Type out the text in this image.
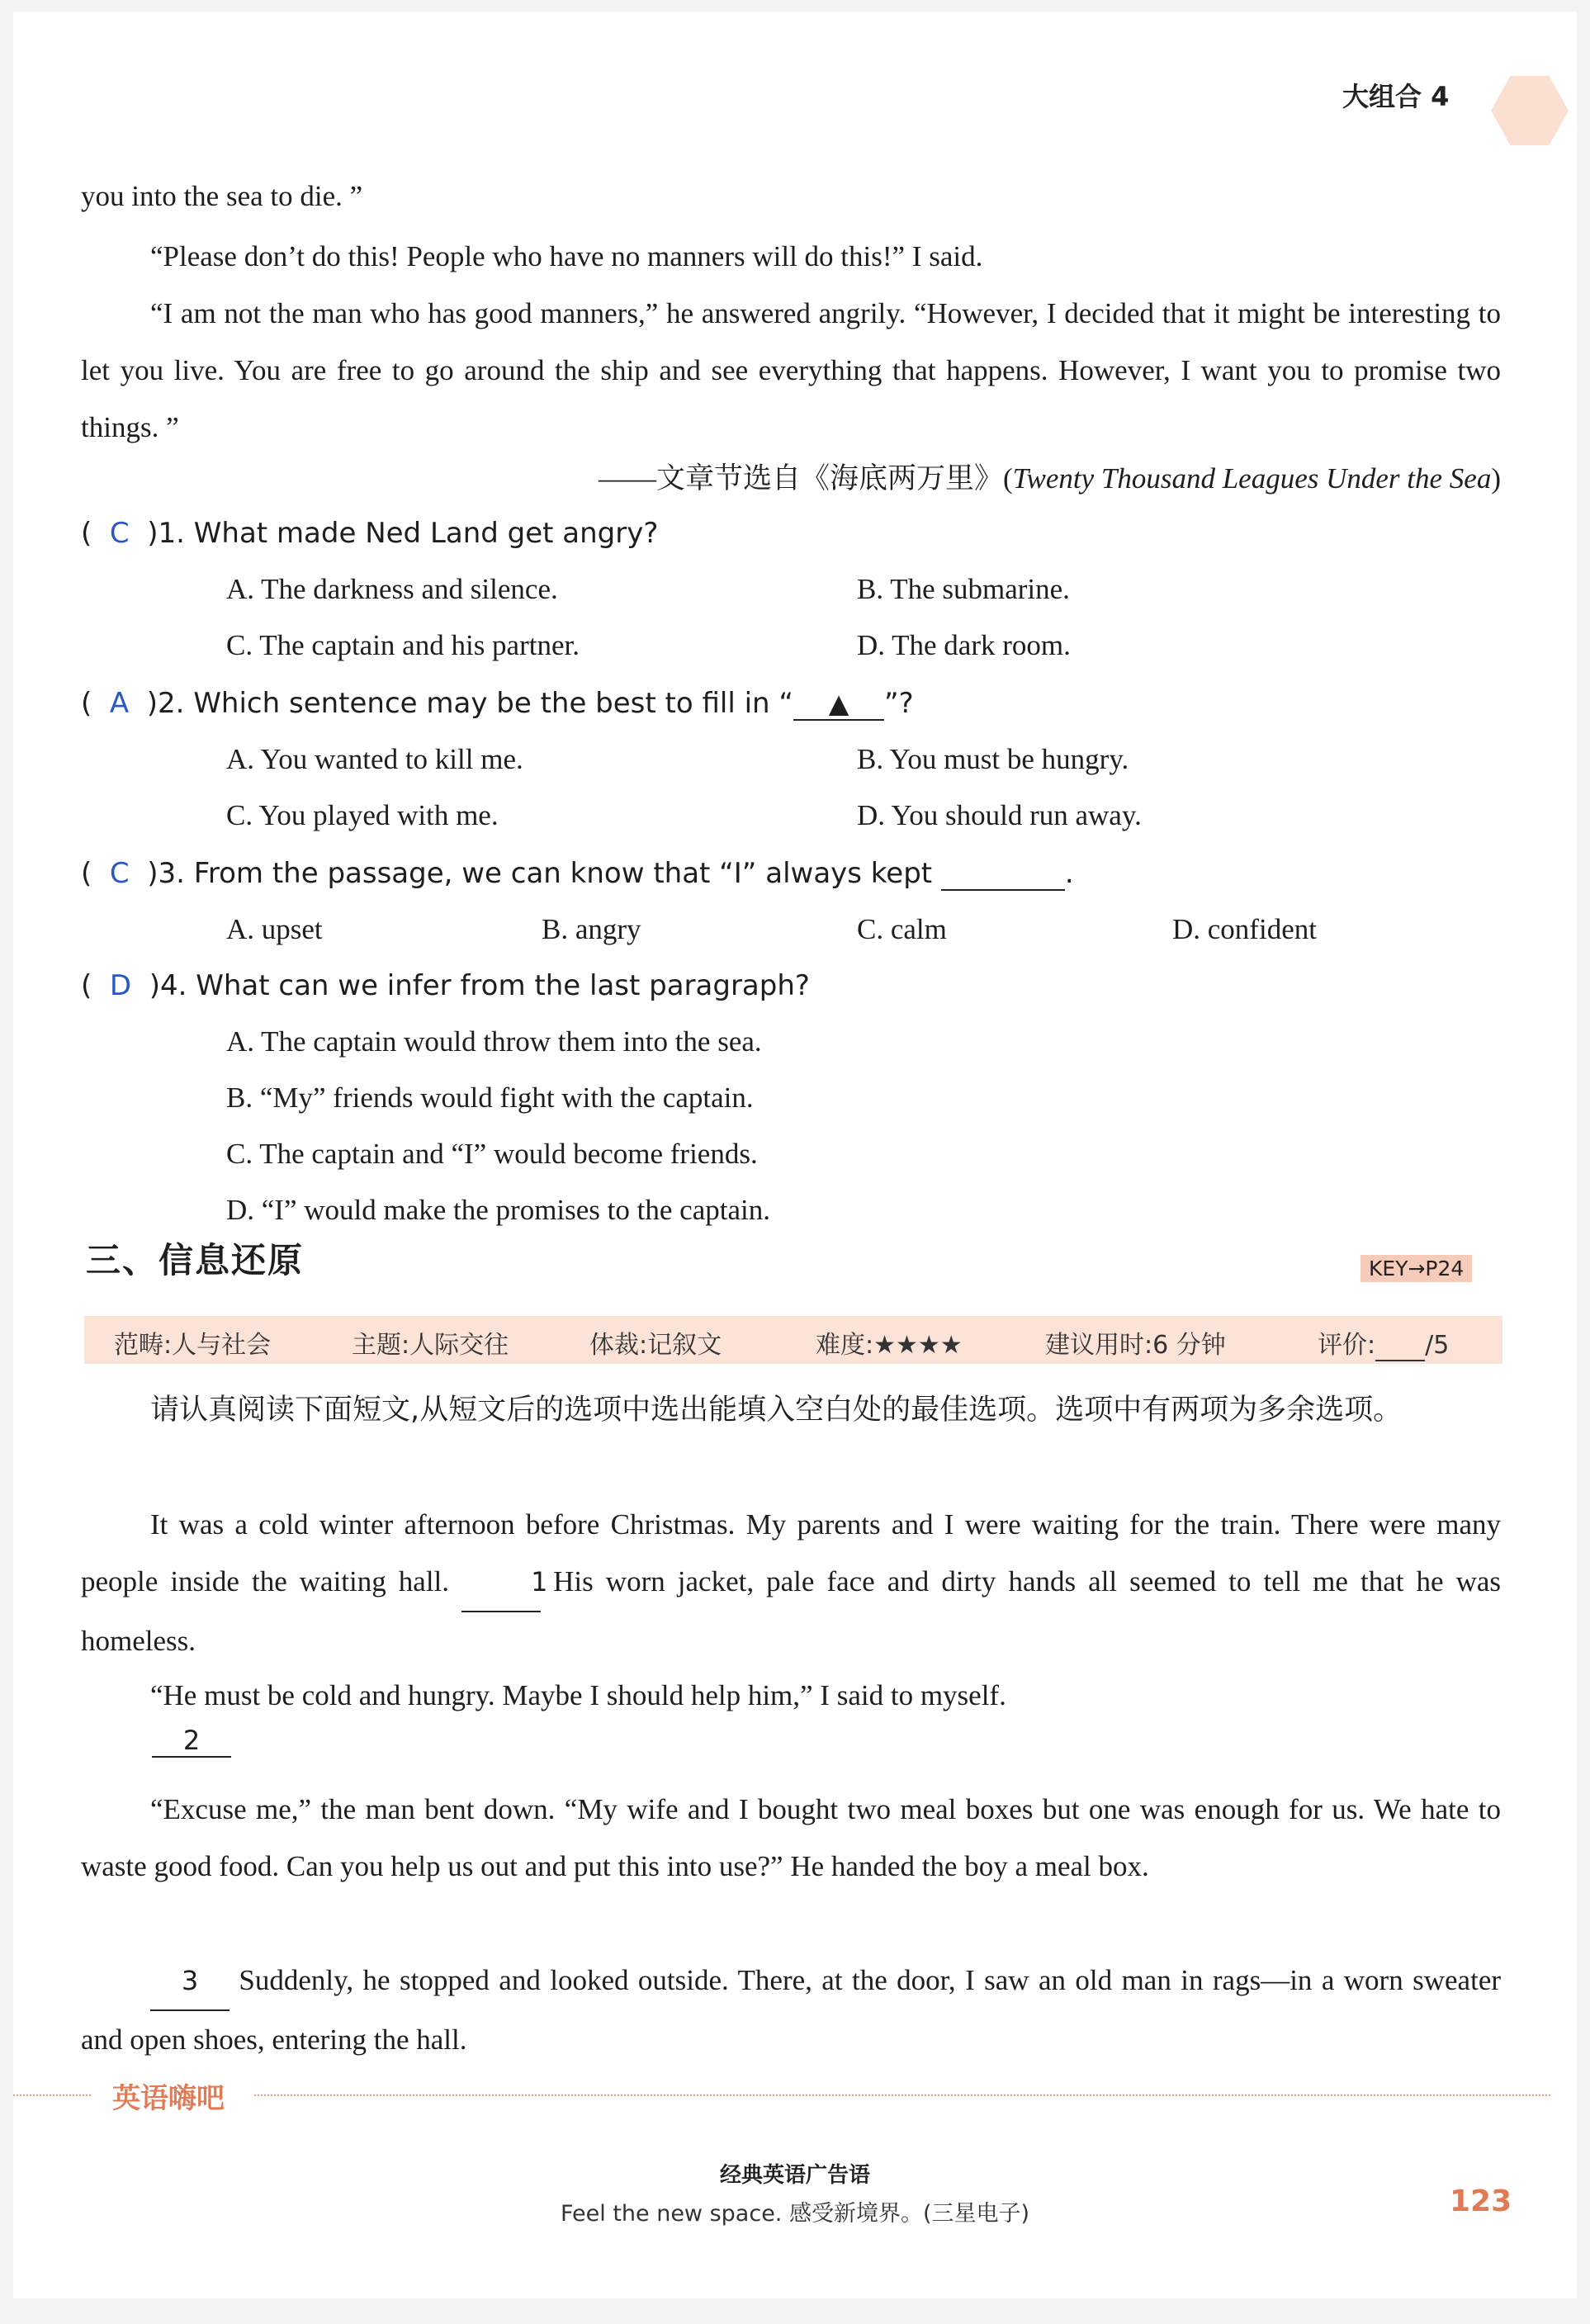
大组合 4
you into the sea to die. ”
“Please don’t do this! People who have no manners will do this!” I said.
“I am not the man who has good manners,” he answered angrily. “However, I decided that it might be interesting to let you live. You are free to go around the ship and see everything that happens. However, I want you to promise two things. ”
——文章节选自《海底两万里》(Twenty Thousand Leagues Under the Sea)
(  C  )1. What made Ned Land get angry?
A. The darkness and silence.	B. The submarine.
C. The captain and his partner.	D. The dark room.
(  A  )2. Which sentence may be the best to fill in “ ▲ ”?
A. You wanted to kill me.	B. You must be hungry.
C. You played with me.	D. You should run away.
(  C  )3. From the passage, we can know that “I” always kept	.
A. upset	B. angry	C. calm	D. confident
(  D  )4. What can we infer from the last paragraph?
A. The captain would throw them into the sea.
B. “My” friends would fight with the captain.
C. The captain and “I” would become friends.
D. “I” would make the promises to the captain.
三、信息还原	KEY→P24
范畴:人与社会	主题:人际交往	体裁:记叙文	难度:★★★★	建议用时:6 分钟	评价: /5
请认真阅读下面短文,从短文后的选项中选出能填入空白处的最佳选项。选项中有两项为多余选项。
It was a cold winter afternoon before Christmas. My parents and I were waiting for the train. There were many people inside the waiting hall.	1 His worn jacket, pale face and dirty hands all seemed to tell me that he was homeless.
“He must be cold and hungry. Maybe I should help him,” I said to myself.
2
“Excuse me,” the man bent down. “My wife and I bought two meal boxes but one was enough for us. We hate to waste good food. Can you help us out and put this into use?” He handed the boy a meal box.
3 Suddenly, he stopped and looked outside. There, at the door, I saw an old man in rags—in a worn sweater and open shoes, entering the hall.
英语嗨吧
经典英语广告语
Feel the new space. 感受新境界。(三星电子)	123
